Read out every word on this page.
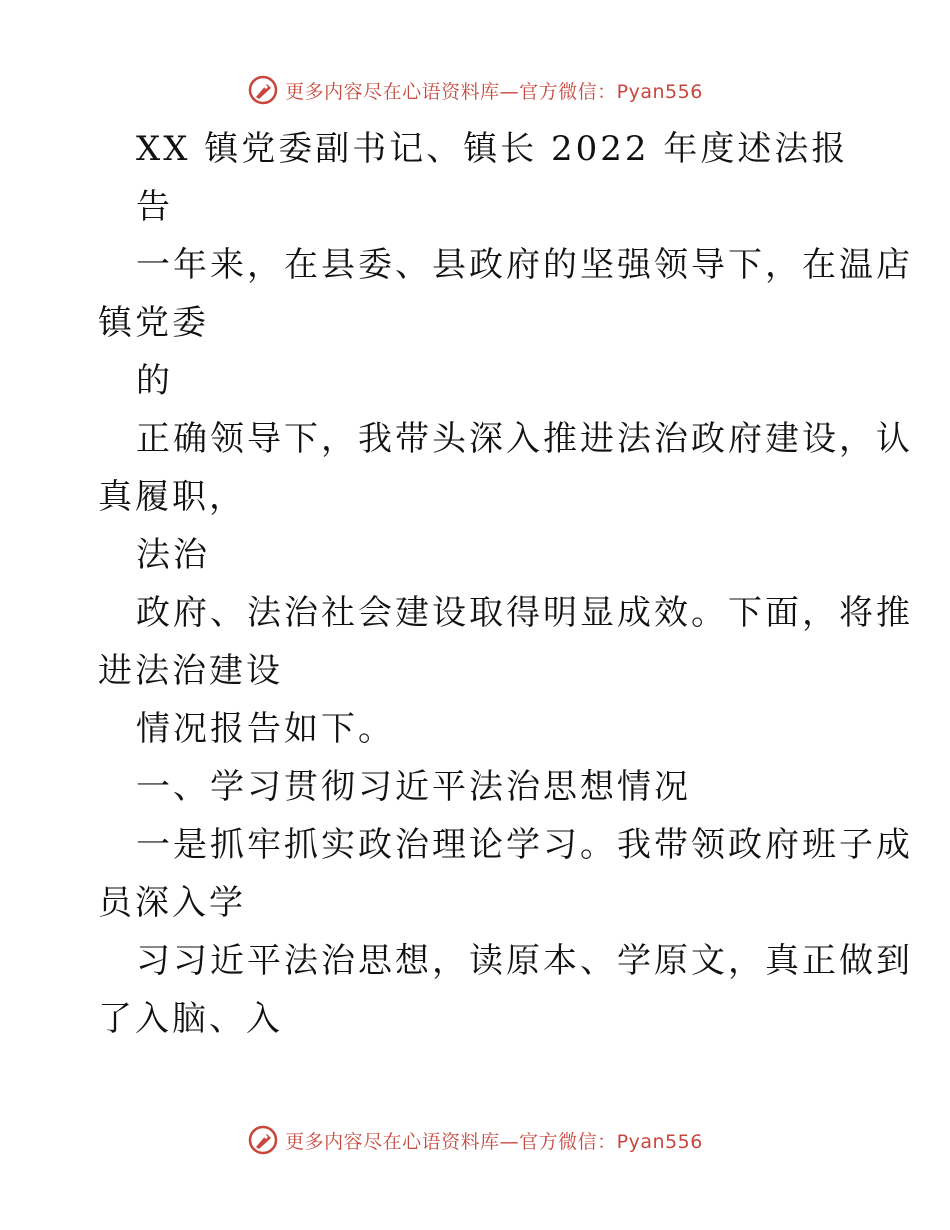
更多内容尽在心语资料库—官方微信：Pyan556
XX 镇党委副书记、镇长 2022 年度述法报
告
一年来，在县委、县政府的坚强领导下，在温店
镇党委
的
正确领导下，我带头深入推进法治政府建设，认
真履职，
法治
政府、法治社会建设取得明显成效。下面，将推
进法治建设
情况报告如下。
一、学习贯彻习近平法治思想情况
一是抓牢抓实政治理论学习。我带领政府班子成
员深入学
习习近平法治思想，读原本、学原文，真正做到
了入脑、入
更多内容尽在心语资料库—官方微信：Pyan556
